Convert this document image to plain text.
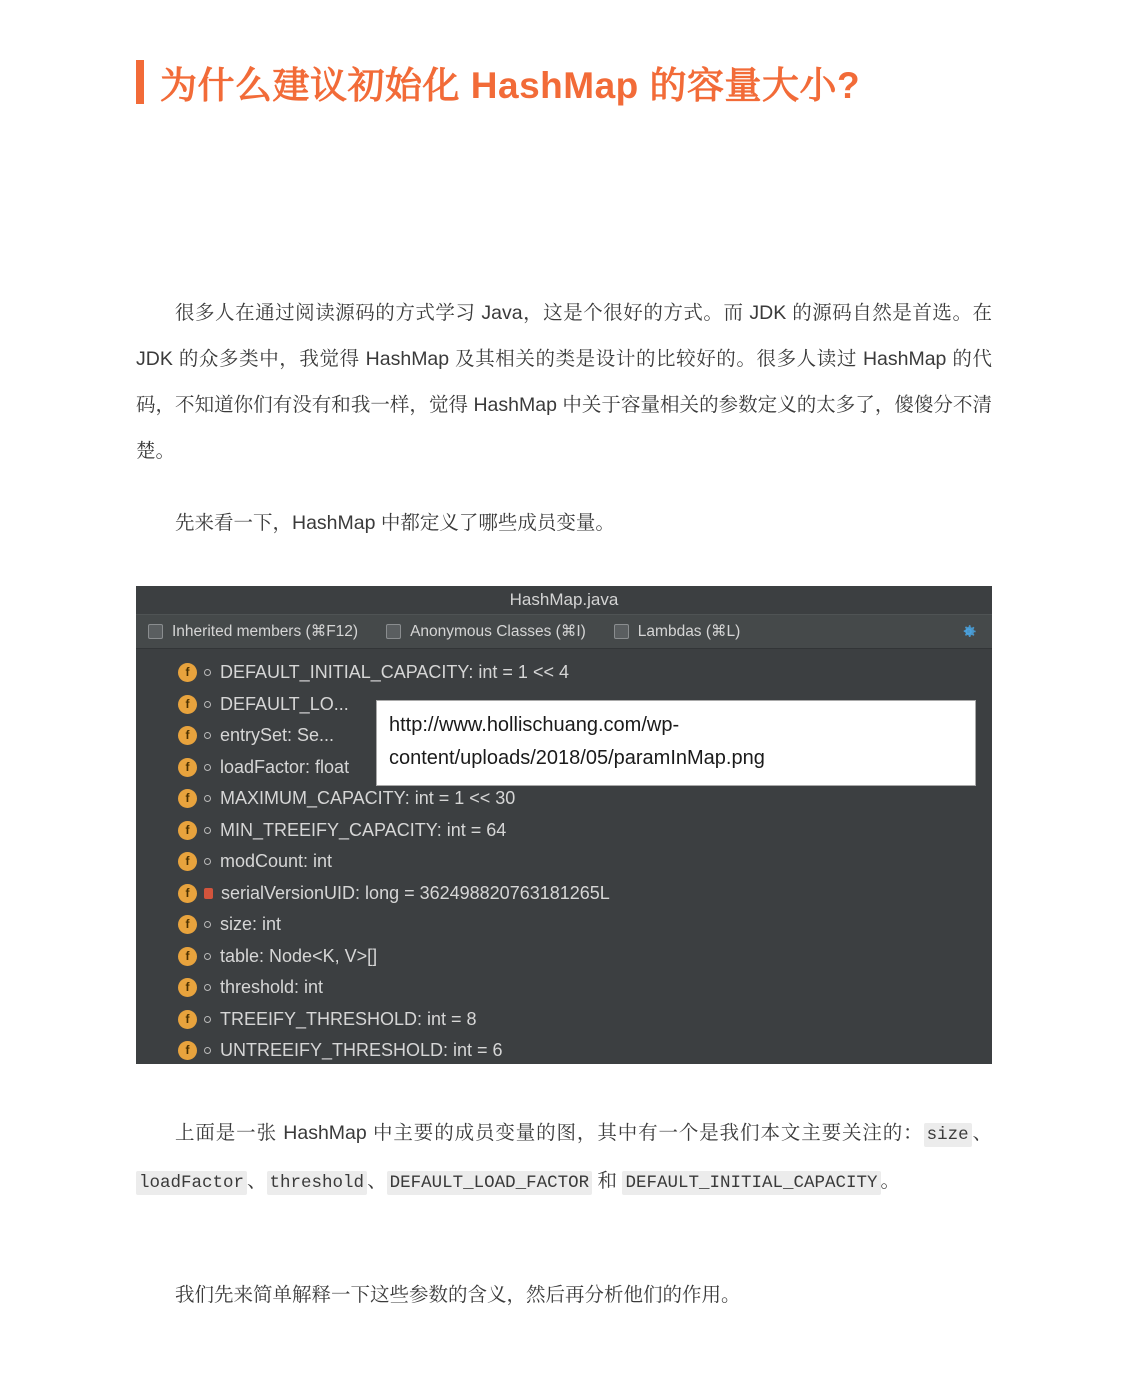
为什么建议初始化 HashMap 的容量大小?
很多人在通过阅读源码的方式学习 Java，这是个很好的方式。而 JDK 的源码自然是首选。在 JDK 的众多类中，我觉得 HashMap 及其相关的类是设计的比较好的。很多人读过 HashMap 的代码，不知道你们有没有和我一样，觉得 HashMap 中关于容量相关的参数定义的太多了，傻傻分不清楚。
先来看一下，HashMap 中都定义了哪些成员变量。
HashMap.java
Inherited members (⌘F12)	Anonymous Classes (⌘I)	Lambdas (⌘L)
f	DEFAULT_INITIAL_CAPACITY: int = 1 << 4
f	DEFAULT_LO...
f	entrySet: Se...
f	loadFactor: float
f	MAXIMUM_CAPACITY: int = 1 << 30
f	MIN_TREEIFY_CAPACITY: int = 64
f	modCount: int
f	serialVersionUID: long = 362498820763181265L
f	size: int
f	table: Node<K, V>[]
f	threshold: int
f	TREEIFY_THRESHOLD: int = 8
f	UNTREEIFY_THRESHOLD: int = 6
http://www.hollischuang.com/wp-content/uploads/2018/05/paramInMap.png
上面是一张 HashMap 中主要的成员变量的图，其中有一个是我们本文主要关注的： size 、loadFactor 、 threshold 、 DEFAULT_LOAD_FACTOR 和 DEFAULT_INITIAL_CAPACITY 。
我们先来简单解释一下这些参数的含义，然后再分析他们的作用。
